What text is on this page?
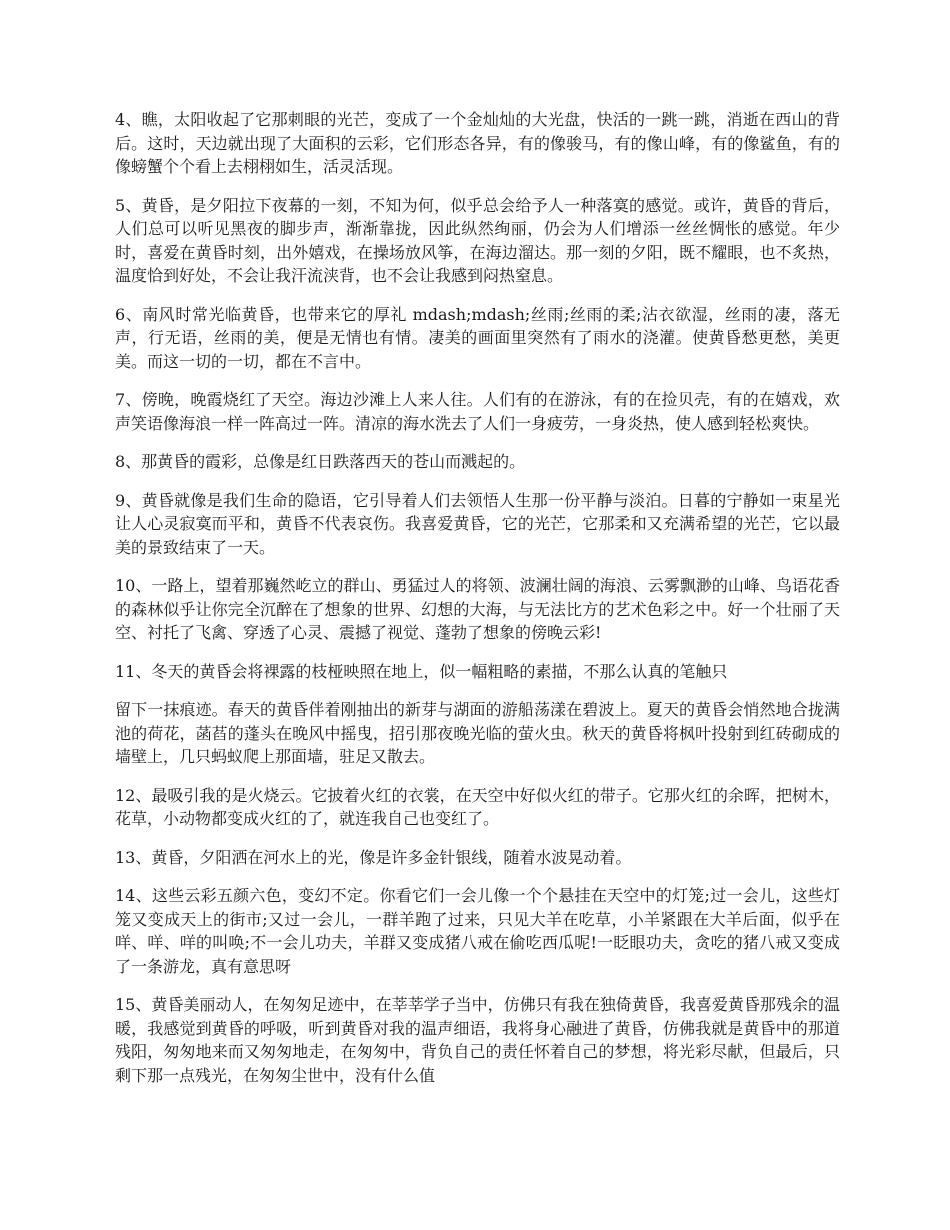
4、瞧，太阳收起了它那刺眼的光芒，变成了一个金灿灿的大光盘，快活的一跳一跳，消逝在西山的背后。这时，天边就出现了大面积的云彩，它们形态各异，有的像骏马，有的像山峰，有的像鲨鱼，有的像螃蟹个个看上去栩栩如生，活灵活现。

5、黄昏，是夕阳拉下夜幕的一刻，不知为何，似乎总会给予人一种落寞的感觉。或许，黄昏的背后，人们总可以听见黑夜的脚步声，渐渐靠拢，因此纵然绚丽，仍会为人们增添一丝丝惆怅的感觉。年少时，喜爱在黄昏时刻，出外嬉戏，在操场放风筝，在海边溜达。那一刻的夕阳，既不耀眼，也不炙热，温度恰到好处，不会让我汗流浃背，也不会让我感到闷热窒息。

6、南风时常光临黄昏，也带来它的厚礼 mdash;mdash;丝雨;丝雨的柔;沾衣欲湿，丝雨的凄，落无声，行无语，丝雨的美，便是无情也有情。凄美的画面里突然有了雨水的浇灌。使黄昏愁更愁，美更美。而这一切的一切，都在不言中。

7、傍晚，晚霞烧红了天空。海边沙滩上人来人往。人们有的在游泳，有的在捡贝壳，有的在嬉戏，欢声笑语像海浪一样一阵高过一阵。清凉的海水洗去了人们一身疲劳，一身炎热，使人感到轻松爽快。

8、那黄昏的霞彩，总像是红日跌落西天的苍山而溅起的。

9、黄昏就像是我们生命的隐语，它引导着人们去领悟人生那一份平静与淡泊。日暮的宁静如一束星光让人心灵寂寞而平和，黄昏不代表哀伤。我喜爱黄昏，它的光芒，它那柔和又充满希望的光芒，它以最美的景致结束了一天。

10、一路上，望着那巍然屹立的群山、勇猛过人的将领、波澜壮阔的海浪、云雾飘渺的山峰、鸟语花香的森林似乎让你完全沉醉在了想象的世界、幻想的大海，与无法比方的艺术色彩之中。好一个壮丽了天空、衬托了飞禽、穿透了心灵、震撼了视觉、蓬勃了想象的傍晚云彩!

11、冬天的黄昏会将裸露的枝桠映照在地上，似一幅粗略的素描，不那么认真的笔触只

留下一抹痕迹。春天的黄昏伴着刚抽出的新芽与湖面的游船荡漾在碧波上。夏天的黄昏会悄然地合拢满池的荷花，菡萏的蓬头在晚风中摇曳，招引那夜晚光临的萤火虫。秋天的黄昏将枫叶投射到红砖砌成的墙壁上，几只蚂蚁爬上那面墙，驻足又散去。

12、最吸引我的是火烧云。它披着火红的衣裳，在天空中好似火红的带子。它那火红的余晖，把树木，花草，小动物都变成火红的了，就连我自己也变红了。

13、黄昏，夕阳洒在河水上的光，像是许多金针银线，随着水波晃动着。

14、这些云彩五颜六色，变幻不定。你看它们一会儿像一个个悬挂在天空中的灯笼;过一会儿，这些灯笼又变成天上的街市;又过一会儿，一群羊跑了过来，只见大羊在吃草，小羊紧跟在大羊后面，似乎在咩、咩、咩的叫唤;不一会儿功夫，羊群又变成猪八戒在偷吃西瓜呢!一眨眼功夫，贪吃的猪八戒又变成了一条游龙，真有意思呀

15、黄昏美丽动人，在匆匆足迹中，在莘莘学子当中，仿佛只有我在独倚黄昏，我喜爱黄昏那残余的温暖，我感觉到黄昏的呼吸，听到黄昏对我的温声细语，我将身心融进了黄昏，仿佛我就是黄昏中的那道残阳，匆匆地来而又匆匆地走，在匆匆中，背负自己的责任怀着自己的梦想，将光彩尽献，但最后，只剩下那一点残光，在匆匆尘世中，没有什么值
